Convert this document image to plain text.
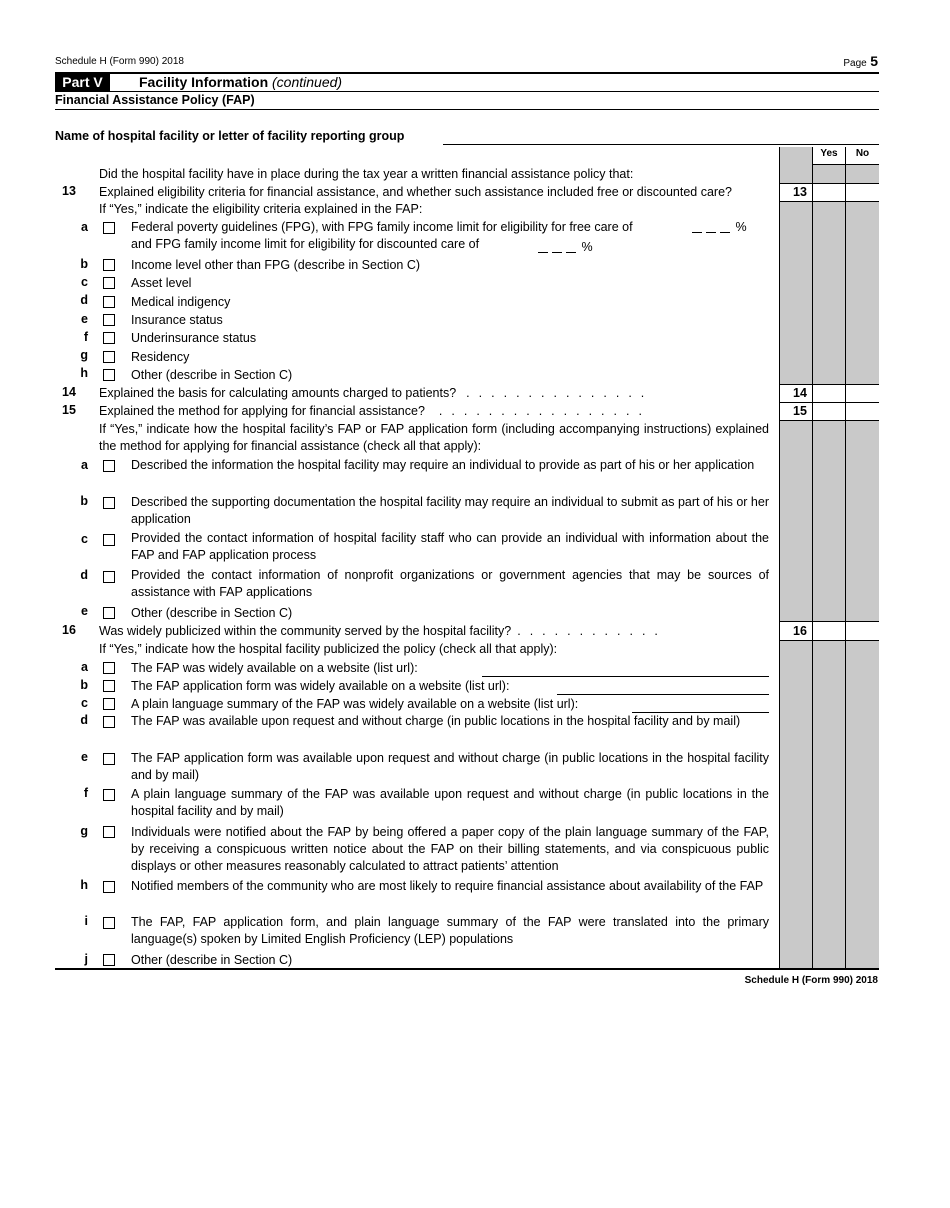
Schedule H (Form 990) 2018	Page 5
Part V	Facility Information (continued)
Financial Assistance Policy (FAP)
Name of hospital facility or letter of facility reporting group
Yes	No
Did the hospital facility have in place during the tax year a written financial assistance policy that:
13 Explained eligibility criteria for financial assistance, and whether such assistance included free or discounted care?	13
If “Yes,” indicate the eligibility criteria explained in the FAP:
a	Federal poverty guidelines (FPG), with FPG family income limit for eligibility for free care of	%
and FPG family income limit for eligibility for discounted care of	%
b	Income level other than FPG (describe in Section C)
c	Asset level
d	Medical indigency
e	Insurance status
f	Underinsurance status
g	Residency
h	Other (describe in Section C)
14 Explained the basis for calculating amounts charged to patients? ...............	14
15 Explained the method for applying for financial assistance? .................	15
If “Yes,” indicate how the hospital facility’s FAP or FAP application form (including accompanying instructions) explained the method for applying for financial assistance (check all that apply):
a	Described the information the hospital facility may require an individual to provide as part of his or her application
b	Described the supporting documentation the hospital facility may require an individual to submit as part of his or her application
c	Provided the contact information of hospital facility staff who can provide an individual with information about the FAP and FAP application process
d	Provided the contact information of nonprofit organizations or government agencies that may be sources of assistance with FAP applications
e	Other (describe in Section C)
16 Was widely publicized within the community served by the hospital facility? ............	16
If “Yes,” indicate how the hospital facility publicized the policy (check all that apply):
a	The FAP was widely available on a website (list url):
b	The FAP application form was widely available on a website (list url):
c	A plain language summary of the FAP was widely available on a website (list url):
d	The FAP was available upon request and without charge (in public locations in the hospital facility and by mail)
e	The FAP application form was available upon request and without charge (in public locations in the hospital facility and by mail)
f	A plain language summary of the FAP was available upon request and without charge (in public locations in the hospital facility and by mail)
g	Individuals were notified about the FAP by being offered a paper copy of the plain language summary of the FAP, by receiving a conspicuous written notice about the FAP on their billing statements, and via conspicuous public displays or other measures reasonably calculated to attract patients’ attention
h	Notified members of the community who are most likely to require financial assistance about availability of the FAP
i	The FAP, FAP application form, and plain language summary of the FAP were translated into the primary language(s) spoken by Limited English Proficiency (LEP) populations
j	Other (describe in Section C)
Schedule H (Form 990) 2018
